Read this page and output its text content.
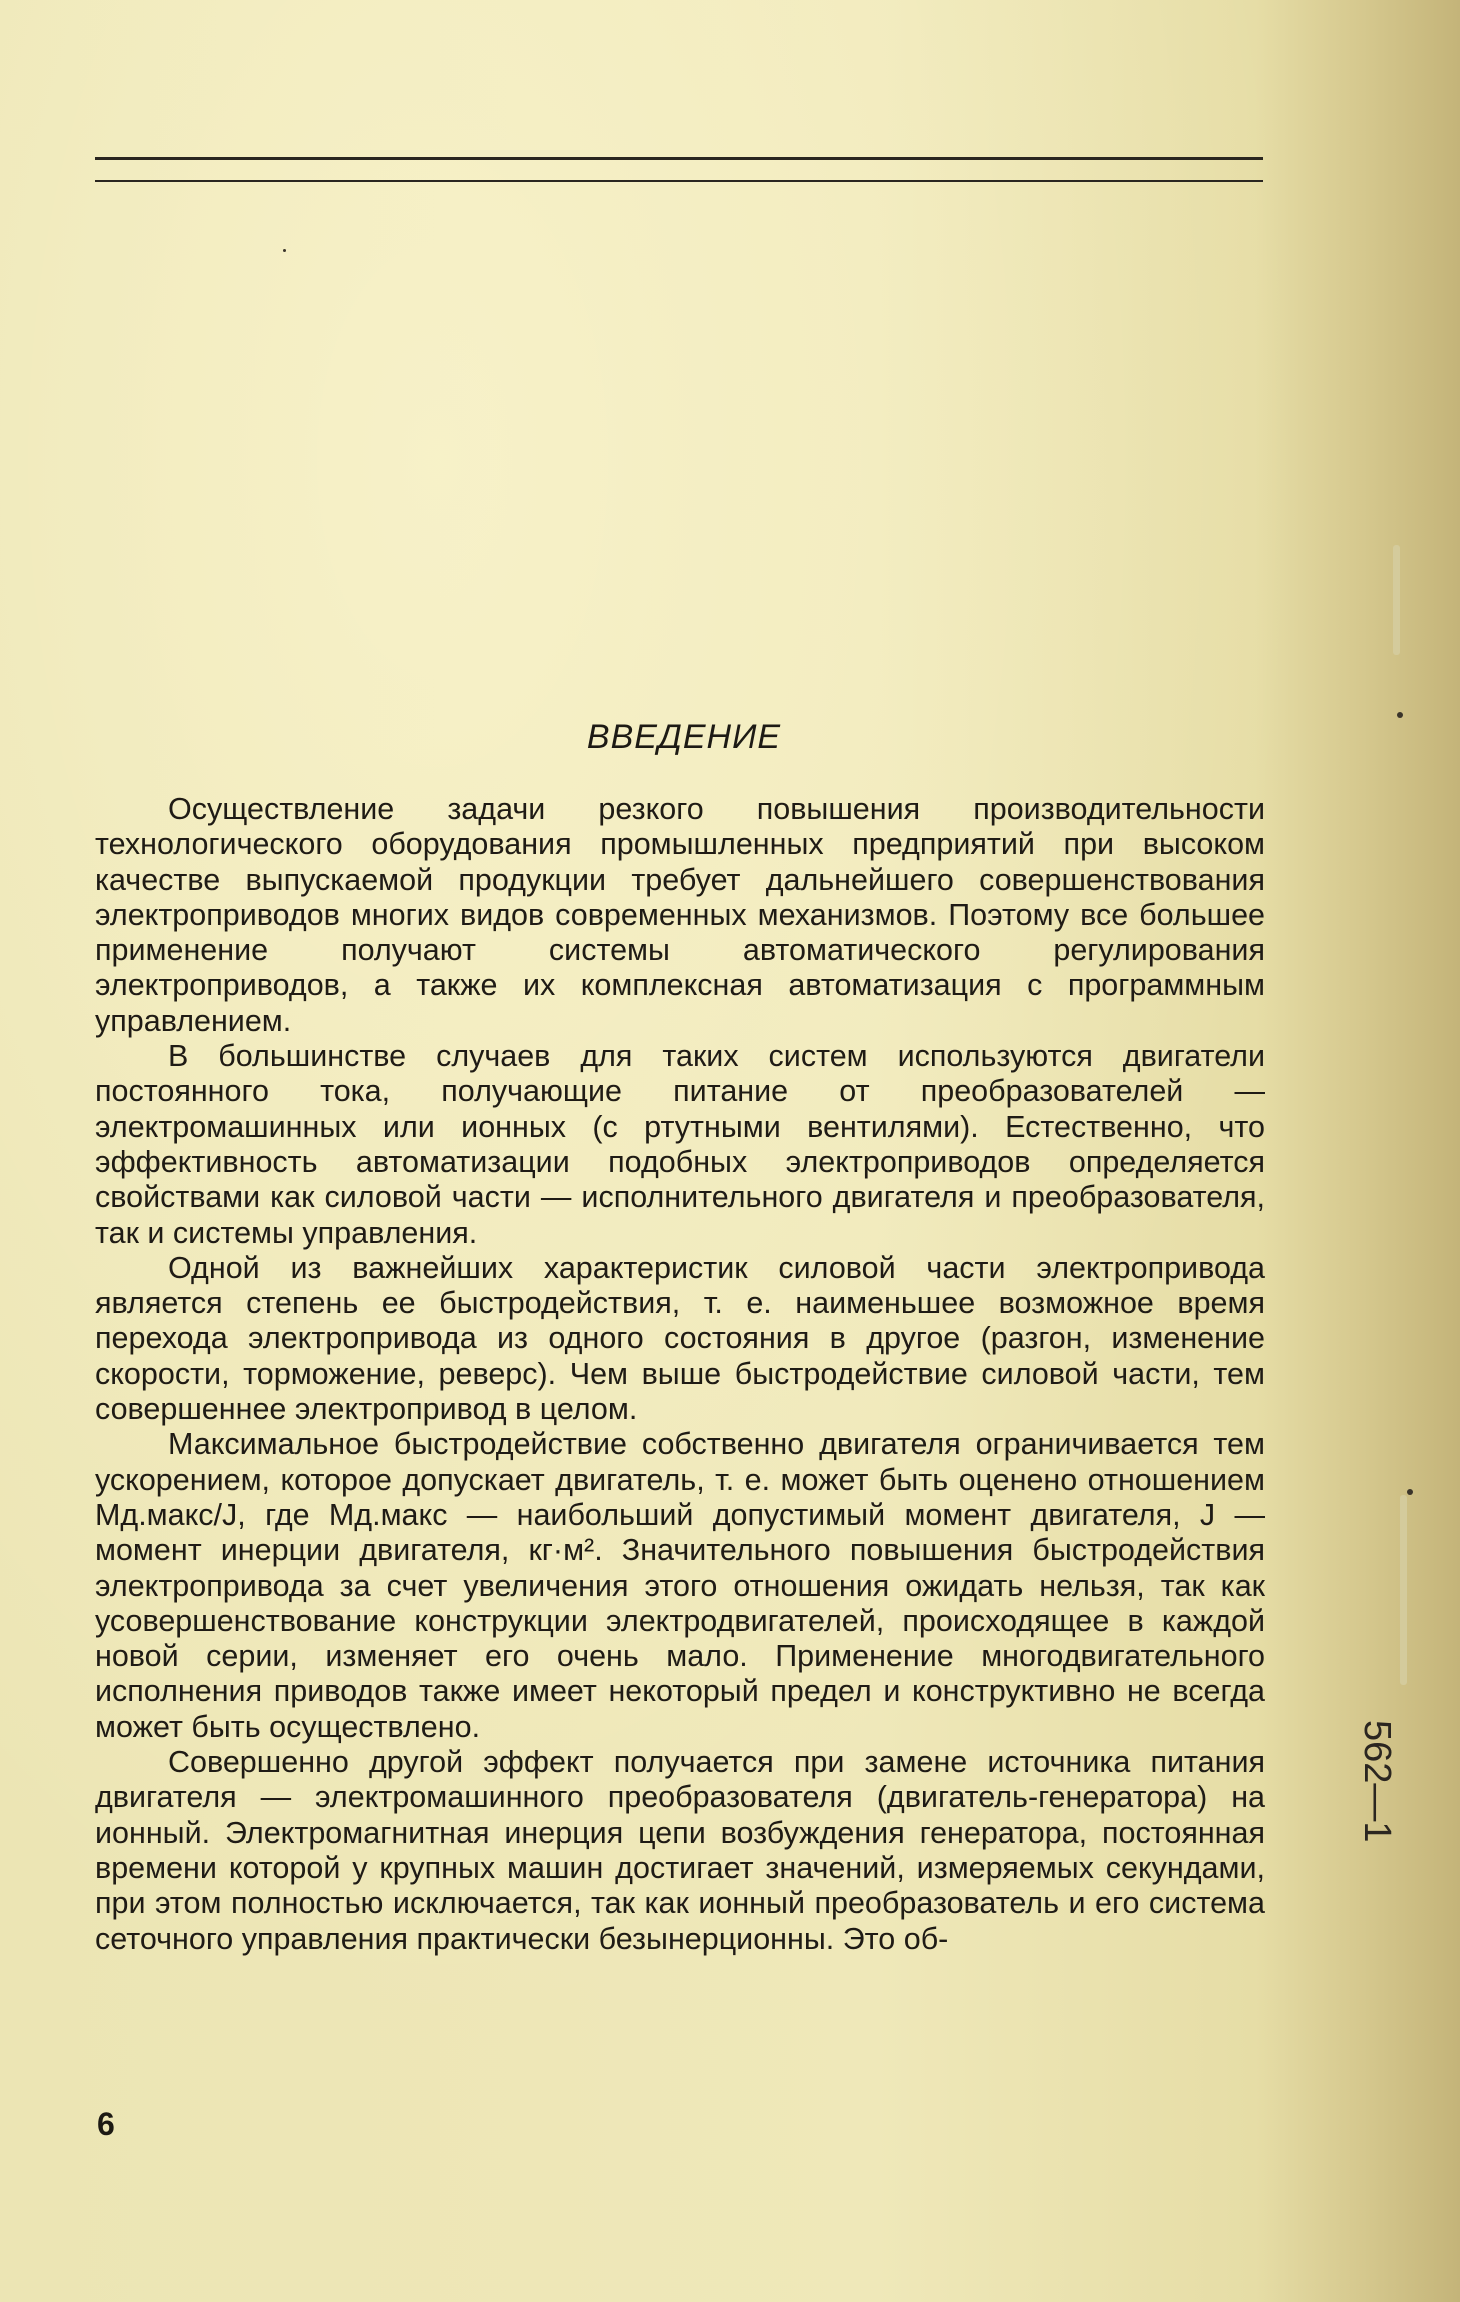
ВВЕДЕНИЕ

Осуществление задачи резкого повышения производительности технологического оборудования промышленных предприятий при высоком качестве выпускаемой продукции требует дальнейшего совершенствования электроприводов многих видов современных механизмов. Поэтому все большее применение получают системы автоматического регулирования электроприводов, а также их комплексная автоматизация с программным управлением.

В большинстве случаев для таких систем используются двигатели постоянного тока, получающие питание от преобразователей — электромашинных или ионных (с ртутными вентилями). Естественно, что эффективность автоматизации подобных электроприводов определяется свойствами как силовой части — исполнительного двигателя и преобразователя, так и системы управления.

Одной из важнейших характеристик силовой части электропривода является степень ее быстродействия, т. е. наименьшее возможное время перехода электропривода из одного состояния в другое (разгон, изменение скорости, торможение, реверс). Чем выше быстродействие силовой части, тем совершеннее электропривод в целом.

Максимальное быстродействие собственно двигателя ограничивается тем ускорением, которое допускает двигатель, т. е. может быть оценено отношением Mд.макс/J, где Mд.макс — наибольший допустимый момент двигателя, J — момент инерции двигателя, кг·м². Значительного повышения быстродействия электропривода за счет увеличения этого отношения ожидать нельзя, так как усовершенствование конструкции электродвигателей, происходящее в каждой новой серии, изменяет его очень мало. Применение многодвигательного исполнения приводов также имеет некоторый предел и конструктивно не всегда может быть осуществлено.

Совершенно другой эффект получается при замене источника питания двигателя — электромашинного преобразователя (двигатель-генератора) на ионный. Электромагнитная инерция цепи возбуждения генератора, постоянная времени которой у крупных машин достигает значений, измеряемых секундами, при этом полностью исключается, так как ионный преобразователь и его система сеточного управления практически безынерционны. Это об-

6
562—1
